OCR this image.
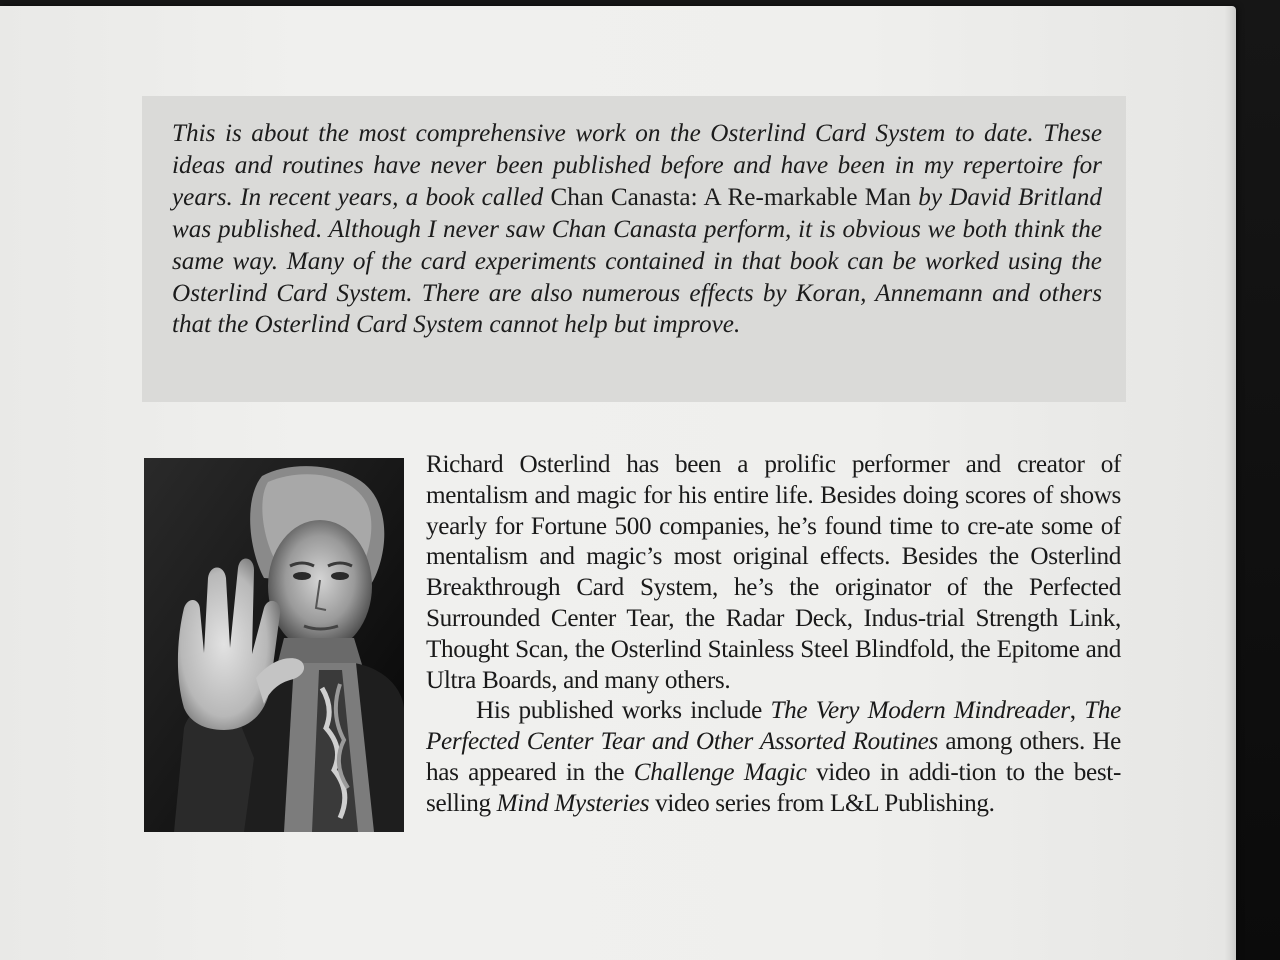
This is about the most comprehensive work on the Osterlind Card System to date. These ideas and routines have never been published before and have been in my repertoire for years. In recent years, a book called Chan Canasta: A Re-markable Man by David Britland was published. Although I never saw Chan Canasta perform, it is obvious we both think the same way. Many of the card experiments contained in that book can be worked using the Osterlind Card System. There are also numerous effects by Koran, Annemann and others that the Osterlind Card System cannot help but improve.

Richard Osterlind has been a prolific performer and creator of mentalism and magic for his entire life. Besides doing scores of shows yearly for Fortune 500 companies, he’s found time to cre-ate some of mentalism and magic’s most original effects. Besides the Osterlind Breakthrough Card System, he’s the originator of the Perfected Surrounded Center Tear, the Radar Deck, Indus-trial Strength Link, Thought Scan, the Osterlind Stainless Steel Blindfold, the Epitome and Ultra Boards, and many others.

His published works include The Very Modern Mindreader, The Perfected Center Tear and Other Assorted Routines among others. He has appeared in the Challenge Magic video in addi-tion to the best-selling Mind Mysteries video series from L&L Publishing.
